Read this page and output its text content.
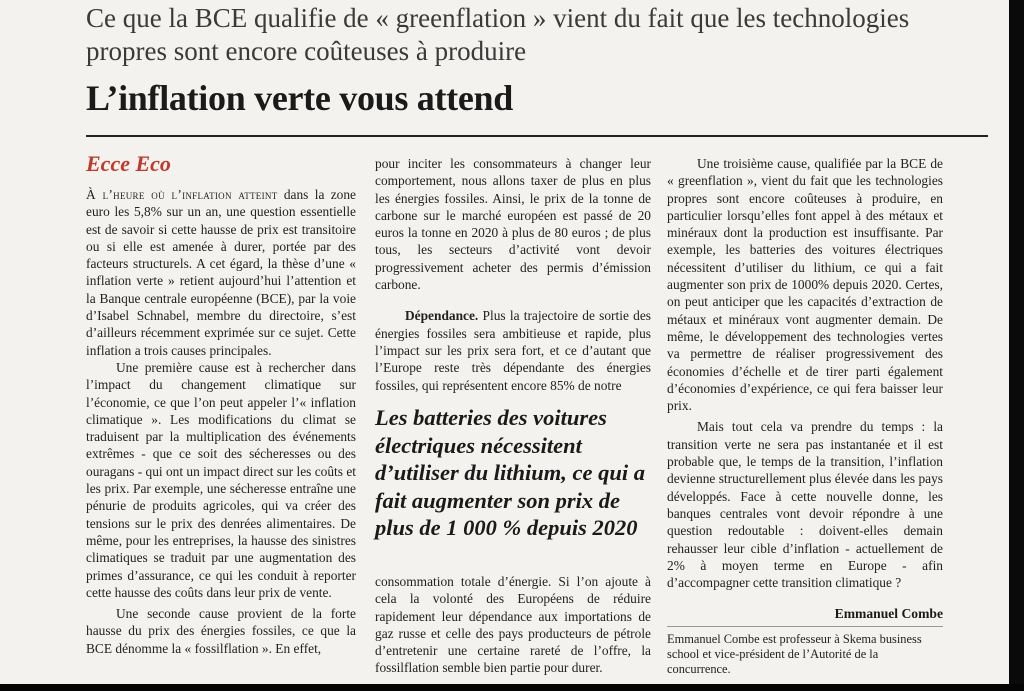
Ce que la BCE qualifie de « greenflation » vient du fait que les technologies propres sont encore coûteuses à produire
L’inflation verte vous attend
Ecce Eco

À l’heure où l’inflation atteint dans la zone euro les 5,8% sur un an, une question essentielle est de savoir si cette hausse de prix est transitoire ou si elle est amenée à durer, portée par des facteurs structurels. A cet égard, la thèse d’une « inflation verte » retient aujourd’hui l’attention et la Banque centrale européenne (BCE), par la voie d’Isabel Schnabel, membre du directoire, s’est d’ailleurs récemment exprimée sur ce sujet. Cette inflation a trois causes principales.

Une première cause est à rechercher dans l’impact du changement climatique sur l’économie, ce que l’on peut appeler l’« inflation climatique ». Les modifications du climat se traduisent par la multiplication des événements extrêmes - que ce soit des sécheresses ou des ouragans - qui ont un impact direct sur les coûts et les prix. Par exemple, une sécheresse entraîne une pénurie de produits agricoles, qui va créer des tensions sur le prix des denrées alimentaires. De même, pour les entreprises, la hausse des sinistres climatiques se traduit par une augmentation des primes d’assurance, ce qui les conduit à reporter cette hausse des coûts dans leur prix de vente.

Une seconde cause provient de la forte hausse du prix des énergies fossiles, ce que la BCE dénomme la « fossilflation ». En effet,

pour inciter les consommateurs à changer leur comportement, nous allons taxer de plus en plus les énergies fossiles. Ainsi, le prix de la tonne de carbone sur le marché européen est passé de 20 euros la tonne en 2020 à plus de 80 euros ; de plus tous, les secteurs d’activité vont devoir progressivement acheter des permis d’émission carbone.

Dépendance. Plus la trajectoire de sortie des énergies fossiles sera ambitieuse et rapide, plus l’impact sur les prix sera fort, et ce d’autant que l’Europe reste très dépendante des énergies fossiles, qui représentent encore 85% de notre

Les batteries des voitures électriques nécessitent d’utiliser du lithium, ce qui a fait augmenter son prix de plus de 1 000 % depuis 2020

consommation totale d’énergie. Si l’on ajoute à cela la volonté des Européens de réduire rapidement leur dépendance aux importations de gaz russe et celle des pays producteurs de pétrole d’entretenir une certaine rareté de l’offre, la fossilflation semble bien partie pour durer.

Une troisième cause, qualifiée par la BCE de « greenflation », vient du fait que les technologies propres sont encore coûteuses à produire, en particulier lorsqu’elles font appel à des métaux et minéraux dont la production est insuffisante. Par exemple, les batteries des voitures électriques nécessitent d’utiliser du lithium, ce qui a fait augmenter son prix de 1000% depuis 2020. Certes, on peut anticiper que les capacités d’extraction de métaux et minéraux vont augmenter demain. De même, le développement des technologies vertes va permettre de réaliser progressivement des économies d’échelle et de tirer parti également d’économies d’expérience, ce qui fera baisser leur prix.

Mais tout cela va prendre du temps : la transition verte ne sera pas instantanée et il est probable que, le temps de la transition, l’inflation devienne structurellement plus élevée dans les pays développés. Face à cette nouvelle donne, les banques centrales vont devoir répondre à une question redoutable : doivent-elles demain rehausser leur cible d’inflation - actuellement de 2% à moyen terme en Europe - afin d’accompagner cette transition climatique ?

Emmanuel Combe
Emmanuel Combe est professeur à Skema business school et vice-président de l’Autorité de la concurrence.
